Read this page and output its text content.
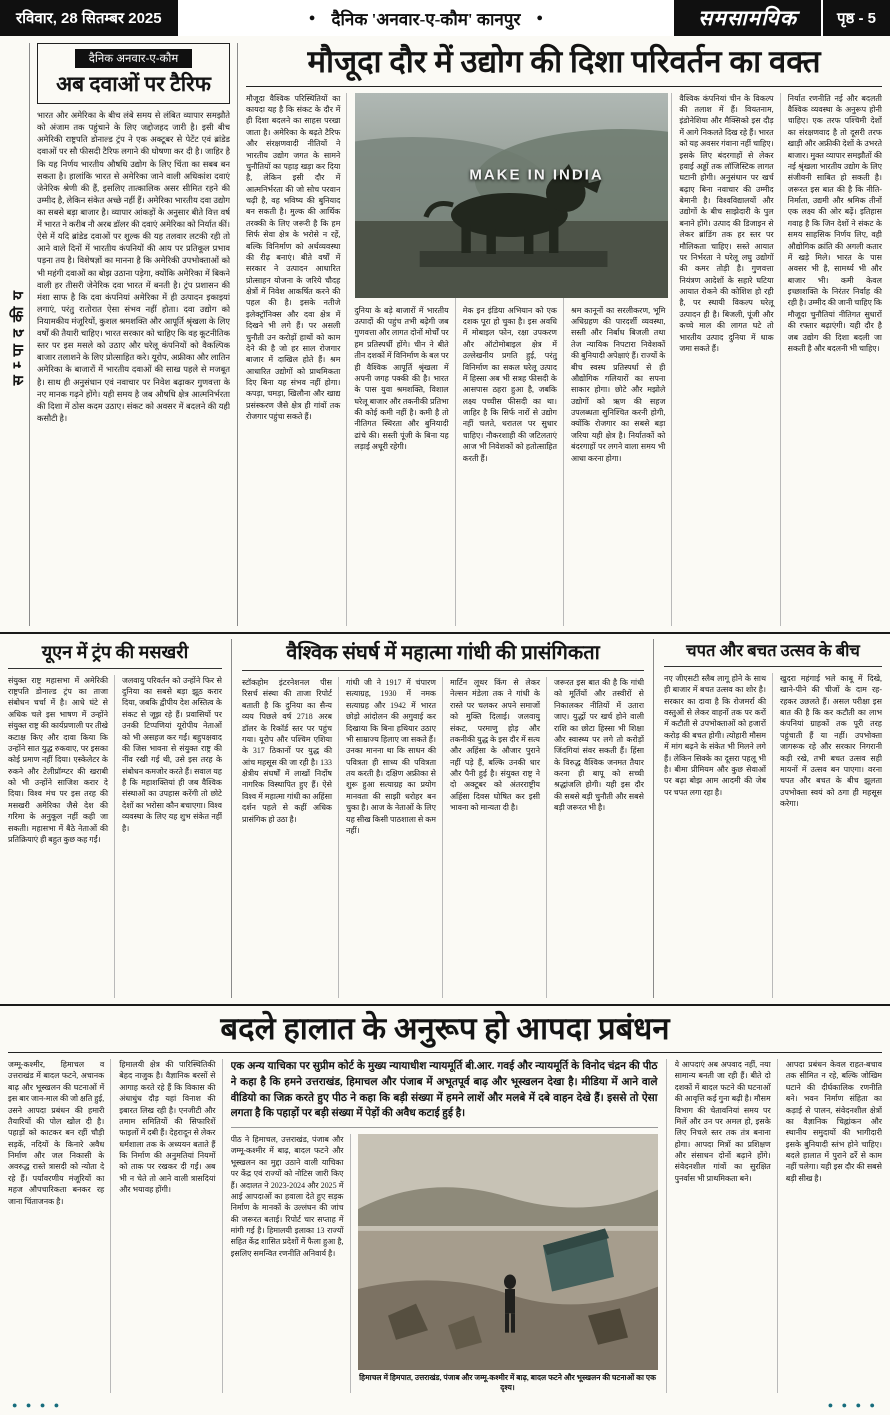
रविवार, 28 सितम्बर 2025	● दैनिक 'अनवार-ए-कौम' कानपुर ●	समसामयिक	पृष्ठ - 5
सम्पादकीय
दैनिक अनवार-ए-कौम
अब दवाओं पर टैरिफ
भारत और अमेरिका के बीच लंबे समय से लंबित व्यापार समझौते को अंजाम तक पहुंचाने के लिए जद्दोजहद जारी है। इसी बीच अमेरिकी राष्ट्रपति डोनाल्ड ट्रंप ने एक अक्टूबर से पेटेंट एवं ब्रांडेड दवाओं पर सौ फीसदी टैरिफ लगाने की घोषणा कर दी है। जाहिर है कि यह निर्णय भारतीय औषधि उद्योग के लिए चिंता का सबब बन सकता है। हालांकि भारत से अमेरिका जाने वाली अधिकांश दवाएं जेनेरिक श्रेणी की हैं, इसलिए तात्कालिक असर सीमित रहने की उम्मीद है, लेकिन संकेत अच्छे नहीं हैं। अमेरिका भारतीय दवा उद्योग का सबसे बड़ा बाजार है। व्यापार आंकड़ों के अनुसार बीते वित्त वर्ष में भारत ने करीब नौ अरब डॉलर की दवाएं अमेरिका को निर्यात कीं। ऐसे में यदि ब्रांडेड दवाओं पर शुल्क की यह तलवार लटकी रही तो आने वाले दिनों में भारतीय कंपनियों की आय पर प्रतिकूल प्रभाव पड़ना तय है। विशेषज्ञों का मानना है कि अमेरिकी उपभोक्ताओं को भी महंगी दवाओं का बोझ उठाना पड़ेगा, क्योंकि अमेरिका में बिकने वाली हर तीसरी जेनेरिक दवा भारत में बनती है। ट्रंप प्रशासन की मंशा साफ है कि दवा कंपनियां अमेरिका में ही उत्पादन इकाइयां लगाएं, परंतु रातोरात ऐसा संभव नहीं होता। दवा उद्योग को नियामकीय मंजूरियों, कुशल श्रमशक्ति और आपूर्ति श्रृंखला के लिए वर्षों की तैयारी चाहिए। भारत सरकार को चाहिए कि वह कूटनीतिक स्तर पर इस मसले को उठाए और घरेलू कंपनियों को वैकल्पिक बाजार तलाशने के लिए प्रोत्साहित करे। यूरोप, अफ्रीका और लातिन अमेरिका के बाजारों में भारतीय दवाओं की साख पहले से मजबूत है। साथ ही अनुसंधान एवं नवाचार पर निवेश बढ़ाकर गुणवत्ता के नए मानक गढ़ने होंगे। यही समय है जब औषधि क्षेत्र आत्मनिर्भरता की दिशा में ठोस कदम उठाए। संकट को अवसर में बदलने की यही कसौटी है।
मौजूदा दौर में उद्योग की दिशा परिवर्तन का वक्त
MAKE IN INDIA
मौजूदा वैश्विक परिस्थितियों का कायदा यह है कि संकट के दौर में ही दिशा बदलने का साहस परखा जाता है। अमेरिका के बढ़ते टैरिफ और संरक्षणवादी नीतियों ने भारतीय उद्योग जगत के सामने चुनौतियों का पहाड़ खड़ा कर दिया है, लेकिन इसी दौर में आत्मनिर्भरता की जो सोच परवान चढ़ी है, वह भविष्य की बुनियाद बन सकती है। मुल्क की आर्थिक तरक्की के लिए जरूरी है कि हम सिर्फ सेवा क्षेत्र के भरोसे न रहें, बल्कि विनिर्माण को अर्थव्यवस्था की रीढ़ बनाएं। बीते वर्षों में सरकार ने उत्पादन आधारित प्रोत्साहन योजना के जरिये चौदह क्षेत्रों में निवेश आकर्षित करने की पहल की है। इसके नतीजे इलेक्ट्रॉनिक्स और दवा क्षेत्र में दिखने भी लगे हैं। पर असली चुनौती उन करोड़ों हाथों को काम देने की है जो हर साल रोजगार बाजार में दाखिल होते हैं। श्रम आधारित उद्योगों को प्राथमिकता दिए बिना यह संभव नहीं होगा। कपड़ा, चमड़ा, खिलौना और खाद्य प्रसंस्करण जैसे क्षेत्र ही गांवों तक रोजगार पहुंचा सकते हैं।
दुनिया के बड़े बाजारों में भारतीय उत्पादों की पहुंच तभी बढ़ेगी जब गुणवत्ता और लागत दोनों मोर्चों पर हम प्रतिस्पर्धी होंगे। चीन ने बीते तीन दशकों में विनिर्माण के बल पर ही वैश्विक आपूर्ति श्रृंखला में अपनी जगह पक्की की है। भारत के पास युवा श्रमशक्ति, विशाल घरेलू बाजार और तकनीकी प्रतिभा की कोई कमी नहीं है। कमी है तो नीतिगत स्थिरता और बुनियादी ढांचे की। सस्ती पूंजी के बिना यह लड़ाई अधूरी रहेगी।
मेक इन इंडिया अभियान को एक दशक पूरा हो चुका है। इस अवधि में मोबाइल फोन, रक्षा उपकरण और ऑटोमोबाइल क्षेत्र में उल्लेखनीय प्रगति हुई, परंतु विनिर्माण का सकल घरेलू उत्पाद में हिस्सा अब भी सत्रह फीसदी के आसपास ठहरा हुआ है, जबकि लक्ष्य पच्चीस फीसदी का था। जाहिर है कि सिर्फ नारों से उद्योग नहीं चलते, धरातल पर सुधार चाहिए। नौकरशाही की जटिलताएं आज भी निवेशकों को हतोत्साहित करती हैं।
श्रम कानूनों का सरलीकरण, भूमि अधिग्रहण की पारदर्शी व्यवस्था, सस्ती और निर्बाध बिजली तथा तेज न्यायिक निपटारा निवेशकों की बुनियादी अपेक्षाएं हैं। राज्यों के बीच स्वस्थ प्रतिस्पर्धा से ही औद्योगिक गलियारों का सपना साकार होगा। छोटे और मझोले उद्योगों को ऋण की सहज उपलब्धता सुनिश्चित करनी होगी, क्योंकि रोजगार का सबसे बड़ा जरिया यही क्षेत्र है। निर्यातकों को बंदरगाहों पर लगने वाला समय भी आधा करना होगा।
वैश्विक कंपनियां चीन के विकल्प की तलाश में हैं। वियतनाम, इंडोनेशिया और मैक्सिको इस दौड़ में आगे निकलते दिख रहे हैं। भारत को यह अवसर गंवाना नहीं चाहिए। इसके लिए बंदरगाहों से लेकर हवाई अड्डों तक लॉजिस्टिक लागत घटानी होगी। अनुसंधान पर खर्च बढ़ाए बिना नवाचार की उम्मीद बेमानी है। विश्वविद्यालयों और उद्योगों के बीच साझेदारी के पुल बनाने होंगे। उत्पाद की डिजाइन से लेकर ब्रांडिंग तक हर स्तर पर मौलिकता चाहिए। सस्ते आयात पर निर्भरता ने घरेलू लघु उद्योगों की कमर तोड़ी है। गुणवत्ता नियंत्रण आदेशों के सहारे घटिया आयात रोकने की कोशिश हो रही है, पर स्थायी विकल्प घरेलू उत्पादन ही है। बिजली, पूंजी और कच्चे माल की लागत घटे तो भारतीय उत्पाद दुनिया में धाक जमा सकते हैं।
निर्यात रणनीति नई और बदलती वैश्विक व्यवस्था के अनुरूप होनी चाहिए। एक तरफ पश्चिमी देशों का संरक्षणवाद है तो दूसरी तरफ खाड़ी और अफ्रीकी देशों के उभरते बाजार। मुक्त व्यापार समझौतों की नई श्रृंखला भारतीय उद्योग के लिए संजीवनी साबित हो सकती है। जरूरत इस बात की है कि नीति-निर्माता, उद्यमी और श्रमिक तीनों एक लक्ष्य की ओर बढ़ें। इतिहास गवाह है कि जिन देशों ने संकट के समय साहसिक निर्णय लिए, वही औद्योगिक क्रांति की अगली कतार में खड़े मिले। भारत के पास अवसर भी है, सामर्थ्य भी और बाजार भी। कमी केवल इच्छाशक्ति के निरंतर निर्वाह की रही है। उम्मीद की जानी चाहिए कि मौजूदा चुनौतियां नीतिगत सुधारों की रफ्तार बढ़ाएंगी। यही दौर है जब उद्योग की दिशा बदली जा सकती है और बदलनी भी चाहिए।
यूएन में ट्रंप की मसखरी
संयुक्त राष्ट्र महासभा में अमेरिकी राष्ट्रपति डोनाल्ड ट्रंप का ताजा संबोधन चर्चा में है। आधे घंटे से अधिक चले इस भाषण में उन्होंने संयुक्त राष्ट्र की कार्यप्रणाली पर तीखे कटाक्ष किए और दावा किया कि उन्होंने सात युद्ध रुकवाए, पर इसका कोई प्रमाण नहीं दिया। एस्केलेटर के रुकने और टेलीप्रॉम्प्टर की खराबी को भी उन्होंने साजिश करार दे दिया। विश्व मंच पर इस तरह की मसखरी अमेरिका जैसे देश की गरिमा के अनुकूल नहीं कही जा सकती। महासभा में बैठे नेताओं की प्रतिक्रियाएं ही बहुत कुछ कह गईं।
जलवायु परिवर्तन को उन्होंने फिर से दुनिया का सबसे बड़ा झूठ करार दिया, जबकि द्वीपीय देश अस्तित्व के संकट से जूझ रहे हैं। प्रवासियों पर उनकी टिप्पणियां यूरोपीय नेताओं को भी असहज कर गईं। बहुपक्षवाद की जिस भावना से संयुक्त राष्ट्र की नींव रखी गई थी, उसे इस तरह के संबोधन कमजोर करते हैं। सवाल यह है कि महाशक्तियां ही जब वैश्विक संस्थाओं का उपहास करेंगी तो छोटे देशों का भरोसा कौन बचाएगा। विश्व व्यवस्था के लिए यह शुभ संकेत नहीं है।
वैश्विक संघर्ष में महात्मा गांधी की प्रासंगिकता
स्टॉकहोम इंटरनेशनल पीस रिसर्च संस्था की ताजा रिपोर्ट बताती है कि दुनिया का सैन्य व्यय पिछले वर्ष 2718 अरब डॉलर के रिकॉर्ड स्तर पर पहुंच गया। यूरोप और पश्चिम एशिया के 317 ठिकानों पर युद्ध की आंच महसूस की जा रही है। 133 क्षेत्रीय संघर्षों में लाखों निर्दोष नागरिक विस्थापित हुए हैं। ऐसे विश्व में महात्मा गांधी का अहिंसा दर्शन पहले से कहीं अधिक प्रासंगिक हो उठा है।
गांधी जी ने 1917 में चंपारण सत्याग्रह, 1930 में नमक सत्याग्रह और 1942 में भारत छोड़ो आंदोलन की अगुवाई कर दिखाया कि बिना हथियार उठाए भी साम्राज्य हिलाए जा सकते हैं। उनका मानना था कि साधन की पवित्रता ही साध्य की पवित्रता तय करती है। दक्षिण अफ्रीका से शुरू हुआ सत्याग्रह का प्रयोग मानवता की साझी धरोहर बन चुका है। आज के नेताओं के लिए यह सीख किसी पाठशाला से कम नहीं।
मार्टिन लूथर किंग से लेकर नेल्सन मंडेला तक ने गांधी के रास्ते पर चलकर अपने समाजों को मुक्ति दिलाई। जलवायु संकट, परमाणु होड़ और तकनीकी युद्ध के इस दौर में सत्य और अहिंसा के औजार पुराने नहीं पड़े हैं, बल्कि उनकी धार और पैनी हुई है। संयुक्त राष्ट्र ने दो अक्टूबर को अंतरराष्ट्रीय अहिंसा दिवस घोषित कर इसी भावना को मान्यता दी है।
जरूरत इस बात की है कि गांधी को मूर्तियों और तस्वीरों से निकालकर नीतियों में उतारा जाए। युद्धों पर खर्च होने वाली राशि का छोटा हिस्सा भी शिक्षा और स्वास्थ्य पर लगे तो करोड़ों जिंदगियां संवर सकती हैं। हिंसा के विरुद्ध वैश्विक जनमत तैयार करना ही बापू को सच्ची श्रद्धांजलि होगी। यही इस दौर की सबसे बड़ी चुनौती और सबसे बड़ी जरूरत भी है।
चपत और बचत उत्सव के बीच
नए जीएसटी स्लैब लागू होने के साथ ही बाजार में बचत उत्सव का शोर है। सरकार का दावा है कि रोजमर्रा की वस्तुओं से लेकर वाहनों तक पर करों में कटौती से उपभोक्ताओं को हजारों करोड़ की बचत होगी। त्योहारी मौसम में मांग बढ़ने के संकेत भी मिलने लगे हैं। लेकिन सिक्के का दूसरा पहलू भी है। बीमा प्रीमियम और कुछ सेवाओं पर बढ़ा बोझ आम आदमी की जेब पर चपत लगा रहा है।
खुदरा महंगाई भले काबू में दिखे, खाने-पीने की चीजों के दाम रह-रहकर उछलते हैं। असल परीक्षा इस बात की है कि कर कटौती का लाभ कंपनियां ग्राहकों तक पूरी तरह पहुंचाती हैं या नहीं। उपभोक्ता जागरूक रहे और सरकार निगरानी कड़ी रखे, तभी बचत उत्सव सही मायनों में उत्सव बन पाएगा। वरना चपत और बचत के बीच झूलता उपभोक्ता स्वयं को ठगा ही महसूस करेगा।
बदले हालात के अनुरूप हो आपदा प्रबंधन
जम्मू-कश्मीर, हिमाचल व उत्तराखंड में बादल फटने, अचानक बाढ़ और भूस्खलन की घटनाओं में इस बार जान-माल की जो क्षति हुई, उसने आपदा प्रबंधन की हमारी तैयारियों की पोल खोल दी है। पहाड़ों को काटकर बन रहीं चौड़ी सड़कें, नदियों के किनारे अवैध निर्माण और जल निकासी के अवरुद्ध रास्ते त्रासदी को न्योता दे रहे हैं। पर्यावरणीय मंजूरियों का महज औपचारिकता बनकर रह जाना चिंताजनक है।
हिमालयी क्षेत्र की पारिस्थितिकी बेहद नाजुक है। वैज्ञानिक बरसों से आगाह करते रहे हैं कि विकास की अंधाधुंध दौड़ यहां विनाश की इबारत लिख रही है। एनजीटी और तमाम समितियों की सिफारिशें फाइलों में दबी हैं। देहरादून से लेकर धर्मशाला तक के अध्ययन बताते हैं कि निर्माण की अनुमतियां नियमों को ताक पर रखकर दी गईं। अब भी न चेते तो आने वाली त्रासदियां और भयावह होंगी।
एक अन्य याचिका पर सुप्रीम कोर्ट के मुख्य न्यायाधीश न्यायमूर्ति बी.आर. गवई और न्यायमूर्ति के विनोद चंद्रन की पीठ ने कहा है कि हमने उत्तराखंड, हिमाचल और पंजाब में अभूतपूर्व बाढ़ और भूस्खलन देखा है। मीडिया में आने वाले वीडियो का जिक्र करते हुए पीठ ने कहा कि बड़ी संख्या में हमने लाशें और मलबे में दबे वाहन देखे हैं। इससे तो ऐसा लगता है कि पहाड़ों पर बड़ी संख्या में पेड़ों की अवैध कटाई हुई है।
पीठ ने हिमाचल, उत्तराखंड, पंजाब और जम्मू-कश्मीर में बाढ़, बादल फटने और भूस्खलन का मुद्दा उठाने वाली याचिका पर केंद्र एवं राज्यों को नोटिस जारी किए हैं। अदालत ने 2023-2024 और 2025 में आई आपदाओं का हवाला देते हुए सड़क निर्माण के मानकों के उल्लंघन की जांच की जरूरत बताई। रिपोर्ट चार सप्ताह में मांगी गई है। हिमालयी इलाका 13 राज्यों सहित केंद्र शासित प्रदेशों में फैला हुआ है, इसलिए समन्वित रणनीति अनिवार्य है।
हिमाचल में हिमपात, उत्तराखंड, पंजाब और जम्मू-कश्मीर में बाढ़, बादल फटने और भूस्खलन की घटनाओं का एक दृश्य।
ये आपदाएं अब अपवाद नहीं, नया सामान्य बनती जा रही हैं। बीते दो दशकों में बादल फटने की घटनाओं की आवृत्ति कई गुना बढ़ी है। मौसम विभाग की चेतावनियां समय पर मिलें और उन पर अमल हो, इसके लिए निचले स्तर तक तंत्र बनाना होगा। आपदा मित्रों का प्रशिक्षण और संसाधन दोनों बढ़ाने होंगे। संवेदनशील गांवों का सुरक्षित पुनर्वास भी प्राथमिकता बने।
आपदा प्रबंधन केवल राहत-बचाव तक सीमित न रहे, बल्कि जोखिम घटाने की दीर्घकालिक रणनीति बने। भवन निर्माण संहिता का कड़ाई से पालन, संवेदनशील क्षेत्रों का वैज्ञानिक चिह्नांकन और स्थानीय समुदायों की भागीदारी इसके बुनियादी स्तंभ होने चाहिए। बदले हालात में पुराने ढर्रे से काम नहीं चलेगा। यही इस दौर की सबसे बड़ी सीख है।
● ● ● ●	● ● ● ●
